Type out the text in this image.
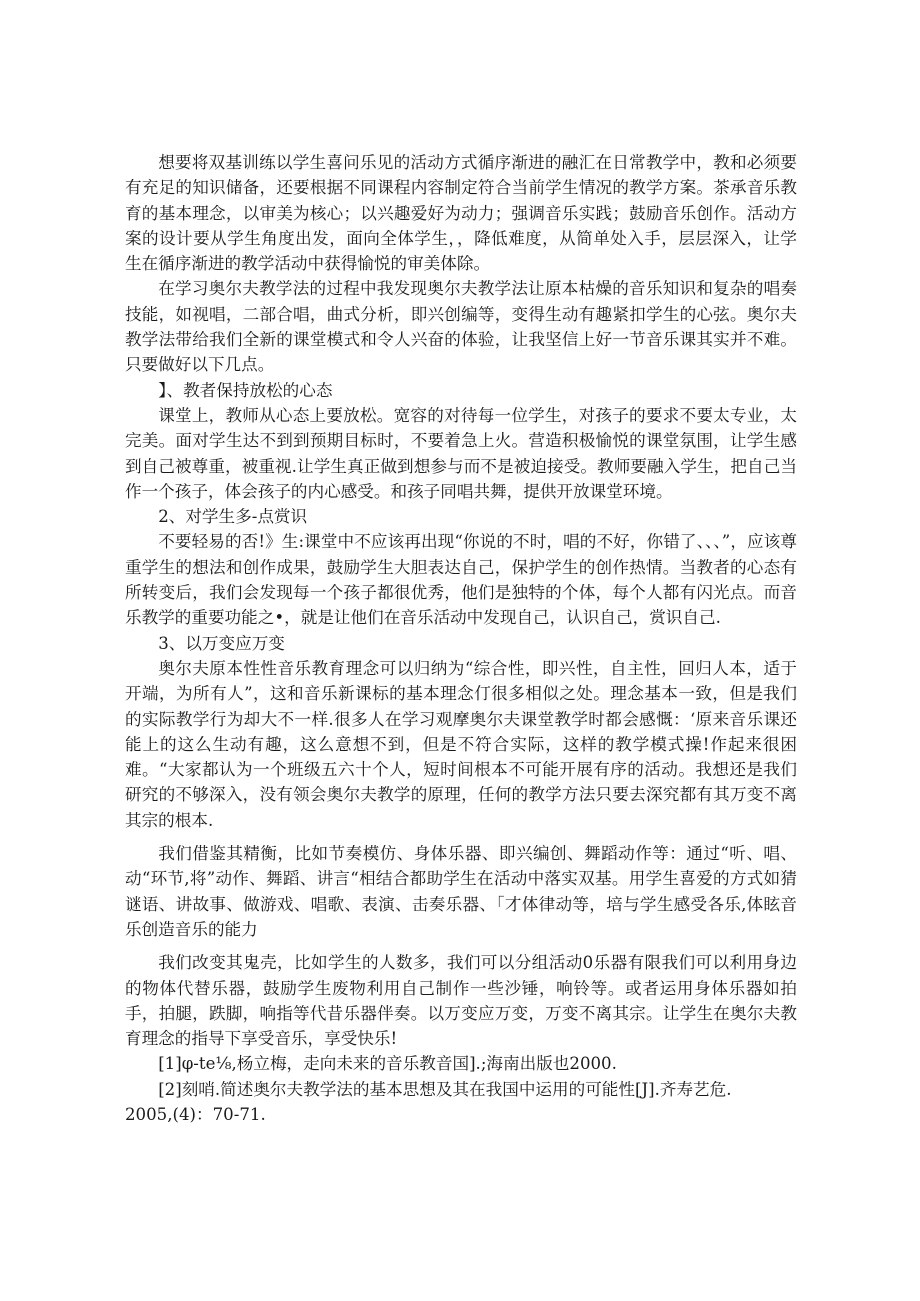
想要将双基训练以学生喜问乐见的活动方式循序渐进的融汇在日常教学中，教和必须要有充足的知识储备，还要根据不同课程内容制定符合当前学生情况的教学方案。茶承音乐教育的基本理念，以审美为核心；以兴趣爱好为动力；强调音乐实践；鼓励音乐创作。活动方案的设计要从学生角度出发，面向全体学生，，降低难度，从简单处入手，层层深入，让学生在循序渐进的教学活动中获得愉悦的审美体除。

在学习奥尔夫教学法的过程中我发现奥尔夫教学法让原本枯燥的音乐知识和复杂的唱奏技能，如视唱，二部合唱，曲式分析，即兴创编等，变得生动有趣紧扣学生的心弦。奥尔夫教学法带给我们全新的课堂模式和令人兴奋的体验，让我坚信上好一节音乐课其实并不难。只要做好以下几点。

】、教者保持放松的心态

课堂上，教师从心态上要放松。宽容的对待每一位学生，对孩子的要求不要太专业，太完美。面对学生达不到到预期目标时，不要着急上火。营造积极愉悦的课堂氛围，让学生感到自己被尊重，被重视.让学生真正做到想参与而不是被迫接受。教师要融入学生，把自己当作一个孩子，体会孩子的内心感受。和孩子同唱共舞，提供开放课堂环境。

2、对学生多-点赏识

不要轻易的否!》生:课堂中不应该再出现“你说的不时，唱的不好，你错了、、、”，应该尊重学生的想法和创作成果，鼓励学生大胆表达自己，保护学生的创作热情。当教者的心态有所转变后，我们会发现每一个孩子都很优秀，他们是独特的个体，每个人都有闪光点。而音乐教学的重要功能之•，就是让他们在音乐活动中发现自己，认识自己，赏识自己.

3、以万变应万变

奥尔夫原本性性音乐教育理念可以归纳为“综合性，即兴性，自主性，回归人本，适于开端，为所有人”，这和音乐新课标的基本理念仃很多相似之处。理念基本一致，但是我们的实际教学行为却大不一样.很多人在学习观摩奥尔夫课堂教学时都会感慨：‘原来音乐课还能上的这么生动有趣，这么意想不到，但是不符合实际，这样的教学模式操!作起来很困难。“大家都认为一个班级五六十个人，短时间根本不可能开展有序的活动。我想还是我们研究的不够深入，没有领会奥尔夫教学的原理，任何的教学方法只要去深究都有其万变不离其宗的根本.

我们借鉴其精衡，比如节奏模仿、身体乐器、即兴编创、舞蹈动作等：通过“听、唱、动“环节,将”动作、舞蹈、讲言“相结合都助学生在活动中落实双基。用学生喜爱的方式如猜谜语、讲故事、做游戏、唱歌、表演、击奏乐器、「才体律动等，培与学生感受各乐,体眩音乐创造音乐的能力

我们改变其鬼壳，比如学生的人数多，我们可以分组活动0乐器有限我们可以利用身边的物体代替乐器，鼓励学生废物利用自己制作一些沙锤，响铃等。或者运用身体乐器如拍手，拍腿，跌脚，响指等代昔乐器伴奏。以万变应万变，万变不离其宗。让学生在奥尔夫教育理念的指导下享受音乐，享受快乐!

[1]φ-te⅛,杨立梅，走向未来的音乐教音国].;海南出版也2000.

[2]刻哨.简述奥尔夫教学法的基本思想及其在我国中运用的可能性[J].齐寿艺危.

2005,(4)：70-71.
